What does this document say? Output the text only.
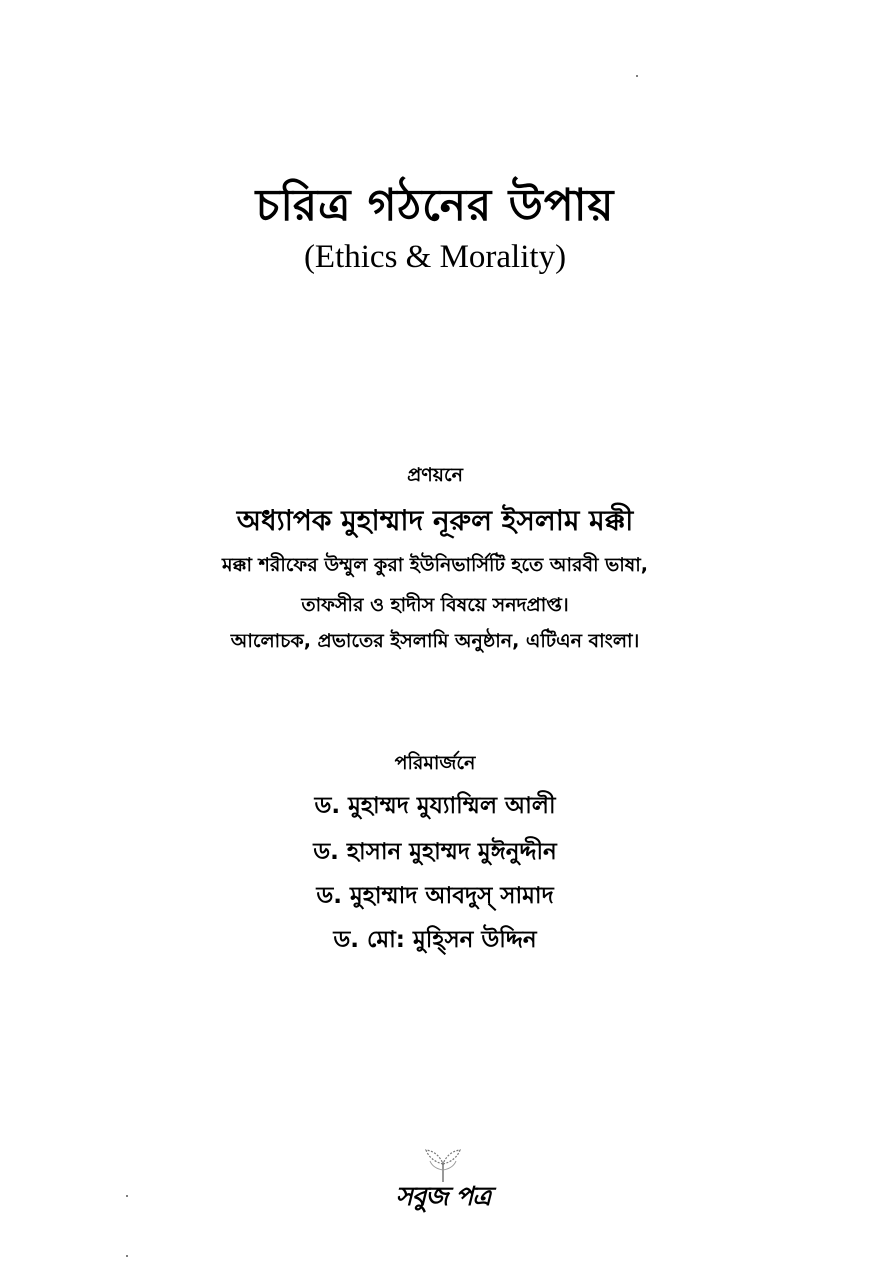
চরিত্র গঠনের উপায়
(Ethics & Morality)
প্রণয়নে
অধ্যাপক মুহাম্মাদ নূরুল ইসলাম মক্কী
মক্কা শরীফের উম্মুল কুরা ইউনিভার্সিটি হতে আরবী ভাষা,
তাফসীর ও হাদীস বিষয়ে সনদপ্রাপ্ত।
আলোচক, প্রভাতের ইসলামি অনুষ্ঠান, এটিএন বাংলা।
পরিমার্জনে
ড. মুহাম্মদ মুয্যাম্মিল আলী
ড. হাসান মুহাম্মদ মুঈনুদ্দীন
ড. মুহাম্মাদ আবদুস্ সামাদ
ড. মো: মুহ্সিন উদ্দিন
সবুজ পত্র
